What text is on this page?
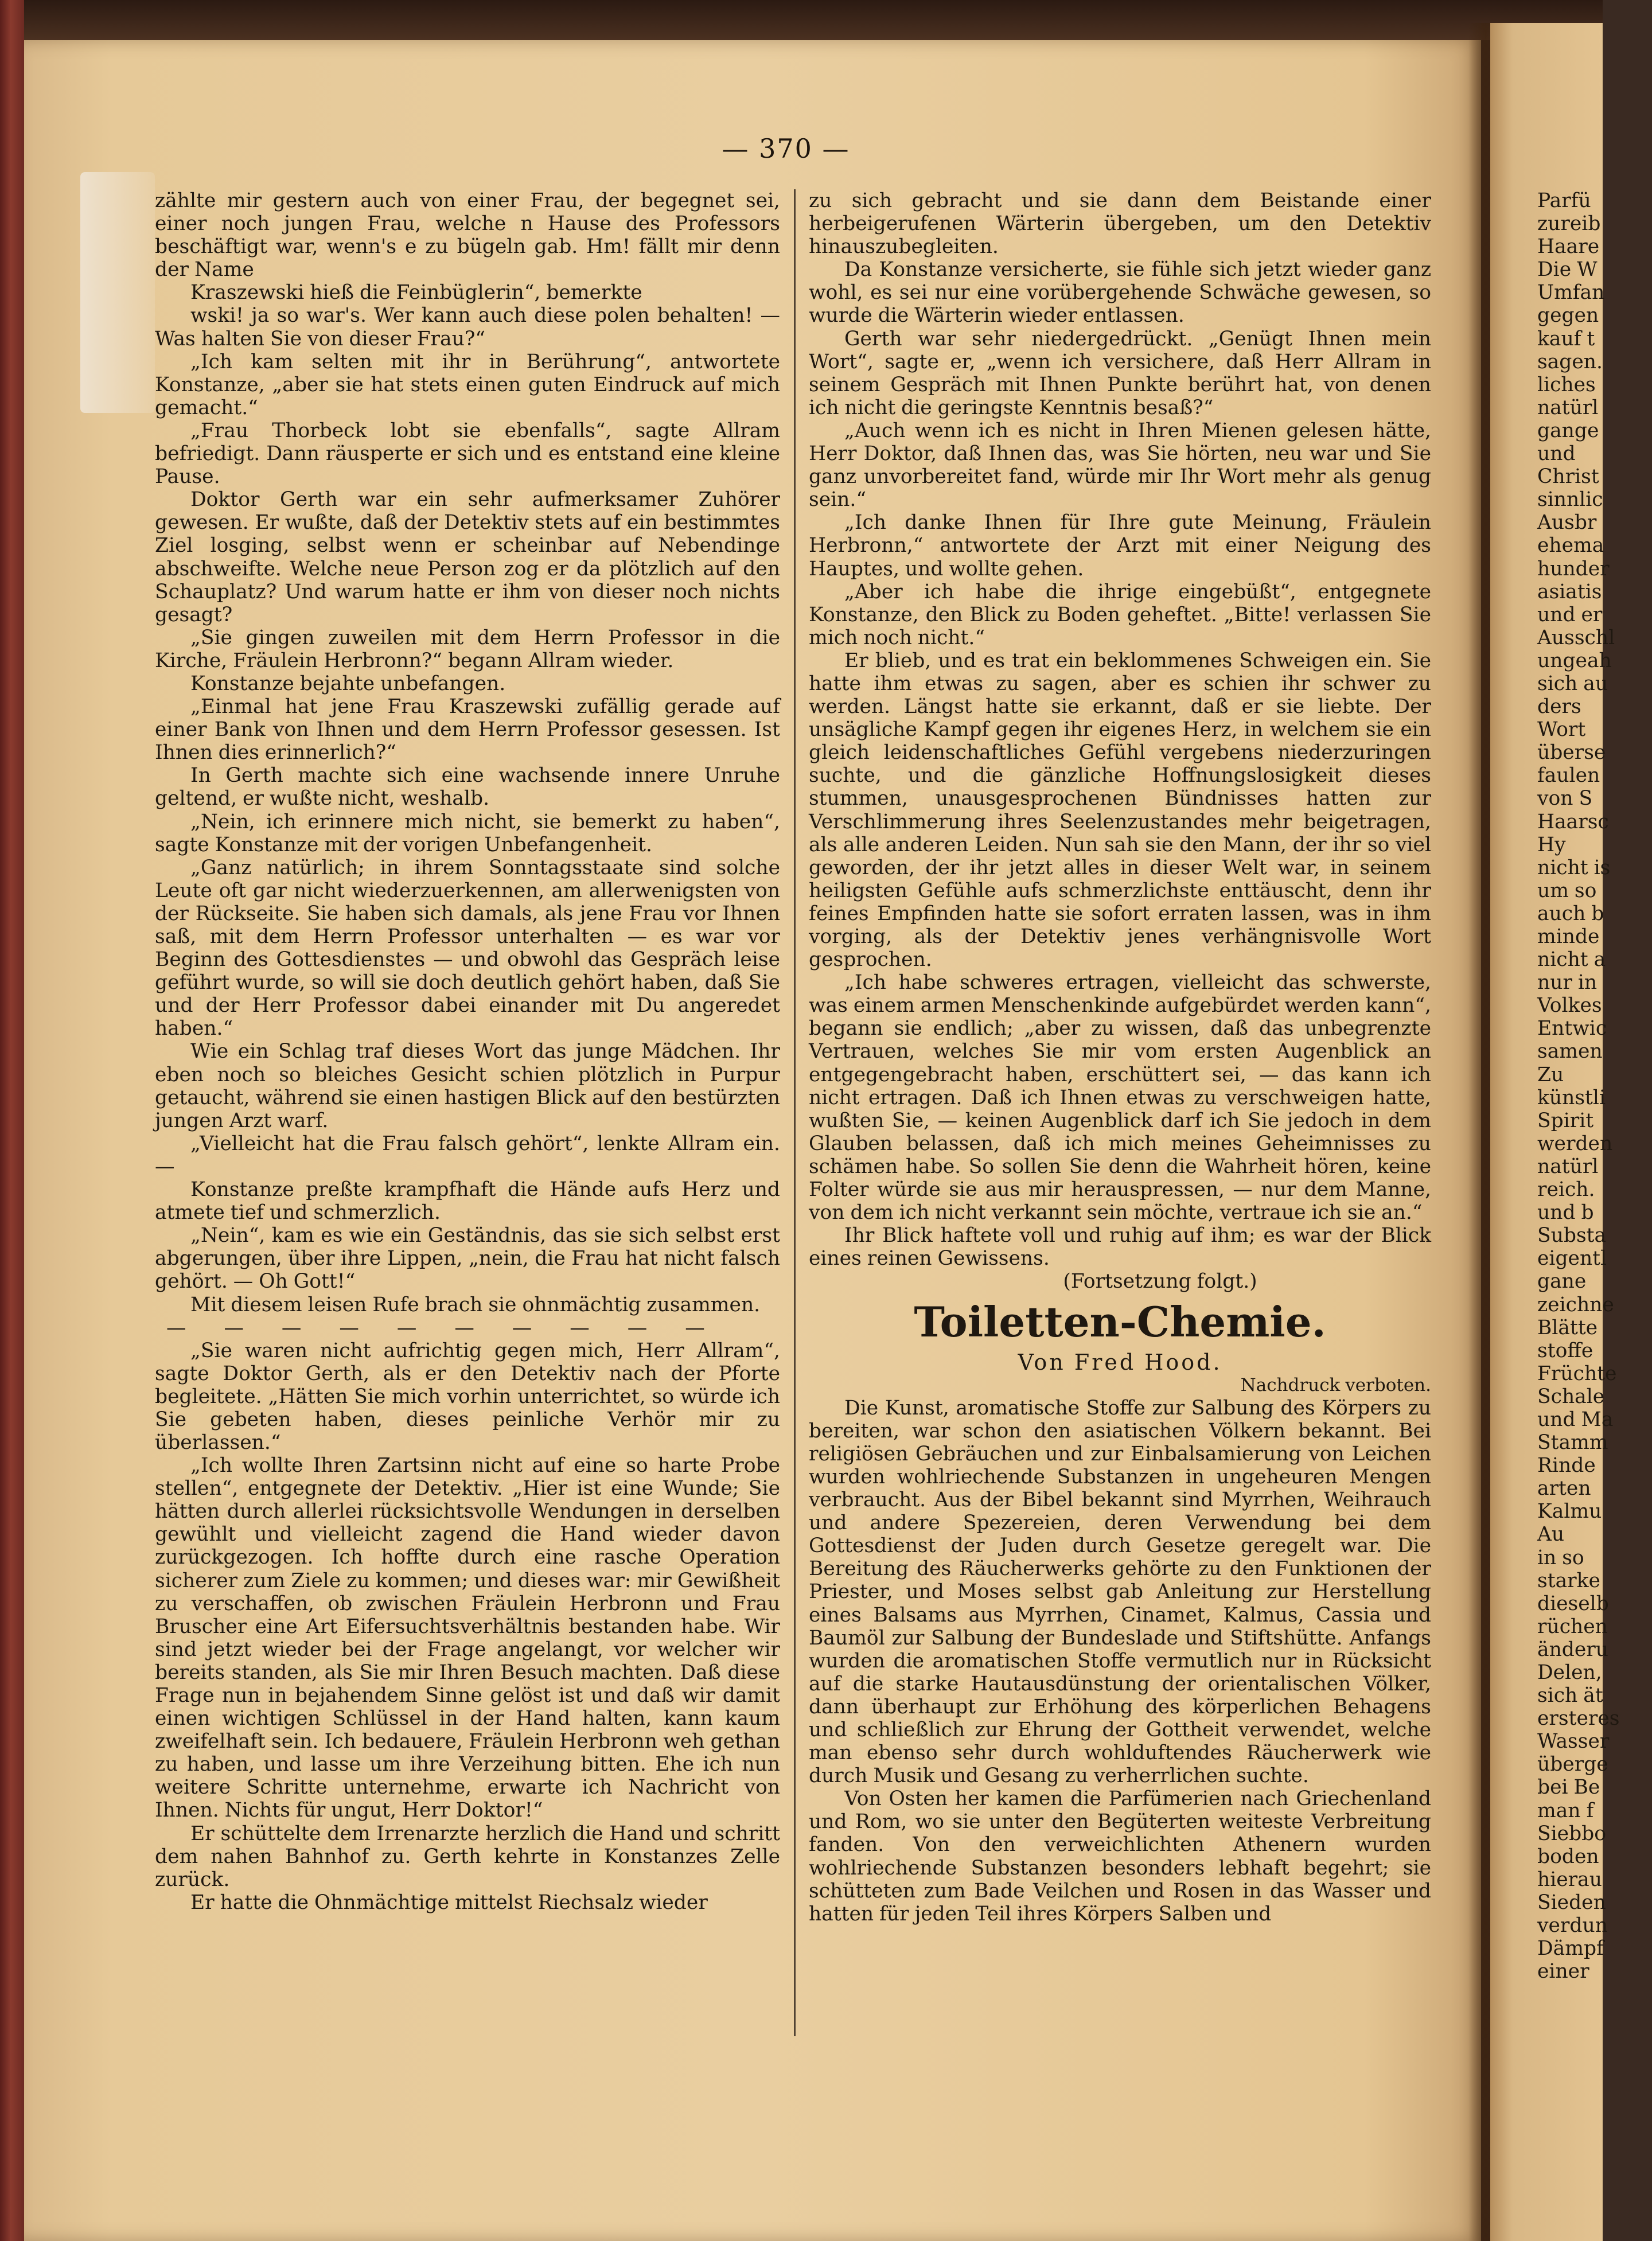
— 370 —

zählte mir gestern auch von einer Frau, der begegnet sei, einer noch jungen Frau, welche n Hause des Professors beschäftigt war, wenn's e zu bügeln gab. Hm! fällt mir denn der Name

Kraszewski hieß die Feinbüglerin“, bemerkte

wski! ja so war's. Wer kann auch diese polen behalten! — Was halten Sie von dieser Frau?“

„Ich kam selten mit ihr in Berührung“, antwortete Konstanze, „aber sie hat stets einen guten Eindruck auf mich gemacht.“

„Frau Thorbeck lobt sie ebenfalls“, sagte Allram befriedigt. Dann räusperte er sich und es entstand eine kleine Pause.

Doktor Gerth war ein sehr aufmerksamer Zuhörer gewesen. Er wußte, daß der Detektiv stets auf ein bestimmtes Ziel losging, selbst wenn er scheinbar auf Nebendinge abschweifte. Welche neue Person zog er da plötzlich auf den Schauplatz? Und warum hatte er ihm von dieser noch nichts gesagt?

„Sie gingen zuweilen mit dem Herrn Professor in die Kirche, Fräulein Herbronn?“ begann Allram wieder.

Konstanze bejahte unbefangen.

„Einmal hat jene Frau Kraszewski zufällig gerade auf einer Bank von Ihnen und dem Herrn Professor gesessen. Ist Ihnen dies erinnerlich?“

In Gerth machte sich eine wachsende innere Unruhe geltend, er wußte nicht, weshalb.

„Nein, ich erinnere mich nicht, sie bemerkt zu haben“, sagte Konstanze mit der vorigen Unbefangenheit.

„Ganz natürlich; in ihrem Sonntagsstaate sind solche Leute oft gar nicht wiederzuerkennen, am allerwenigsten von der Rückseite. Sie haben sich damals, als jene Frau vor Ihnen saß, mit dem Herrn Professor unterhalten — es war vor Beginn des Gottesdienstes — und obwohl das Gespräch leise geführt wurde, so will sie doch deutlich gehört haben, daß Sie und der Herr Professor dabei einander mit Du angeredet haben.“

Wie ein Schlag traf dieses Wort das junge Mädchen. Ihr eben noch so bleiches Gesicht schien plötzlich in Purpur getaucht, während sie einen hastigen Blick auf den bestürzten jungen Arzt warf.

„Vielleicht hat die Frau falsch gehört“, lenkte Allram ein. —

Konstanze preßte krampfhaft die Hände aufs Herz und atmete tief und schmerzlich.

„Nein“, kam es wie ein Geständnis, das sie sich selbst erst abgerungen, über ihre Lippen, „nein, die Frau hat nicht falsch gehört. — Oh Gott!“

Mit diesem leisen Rufe brach sie ohnmächtig zusammen.

— — — — — — — — — —

„Sie waren nicht aufrichtig gegen mich, Herr Allram“, sagte Doktor Gerth, als er den Detektiv nach der Pforte begleitete. „Hätten Sie mich vorhin unterrichtet, so würde ich Sie gebeten haben, dieses peinliche Verhör mir zu überlassen.“

„Ich wollte Ihren Zartsinn nicht auf eine so harte Probe stellen“, entgegnete der Detektiv. „Hier ist eine Wunde; Sie hätten durch allerlei rücksichtsvolle Wendungen in derselben gewühlt und vielleicht zagend die Hand wieder davon zurückgezogen. Ich hoffte durch eine rasche Operation sicherer zum Ziele zu kommen; und dieses war: mir Gewißheit zu verschaffen, ob zwischen Fräulein Herbronn und Frau Bruscher eine Art Eifersuchtsverhältnis bestanden habe. Wir sind jetzt wieder bei der Frage angelangt, vor welcher wir bereits standen, als Sie mir Ihren Besuch machten. Daß diese Frage nun in bejahendem Sinne gelöst ist und daß wir damit einen wichtigen Schlüssel in der Hand halten, kann kaum zweifelhaft sein. Ich bedauere, Fräulein Herbronn weh gethan zu haben, und lasse um ihre Verzeihung bitten. Ehe ich nun weitere Schritte unternehme, erwarte ich Nachricht von Ihnen. Nichts für ungut, Herr Doktor!“

Er schüttelte dem Irrenarzte herzlich die Hand und schritt dem nahen Bahnhof zu. Gerth kehrte in Konstanzes Zelle zurück.

Er hatte die Ohnmächtige mittelst Riechsalz wieder

zu sich gebracht und sie dann dem Beistande einer herbeigerufenen Wärterin übergeben, um den Detektiv hinauszubegleiten.

Da Konstanze versicherte, sie fühle sich jetzt wieder ganz wohl, es sei nur eine vorübergehende Schwäche gewesen, so wurde die Wärterin wieder entlassen.

Gerth war sehr niedergedrückt. „Genügt Ihnen mein Wort“, sagte er, „wenn ich versichere, daß Herr Allram in seinem Gespräch mit Ihnen Punkte berührt hat, von denen ich nicht die geringste Kenntnis besaß?“

„Auch wenn ich es nicht in Ihren Mienen gelesen hätte, Herr Doktor, daß Ihnen das, was Sie hörten, neu war und Sie ganz unvorbereitet fand, würde mir Ihr Wort mehr als genug sein.“

„Ich danke Ihnen für Ihre gute Meinung, Fräulein Herbronn,“ antwortete der Arzt mit einer Neigung des Hauptes, und wollte gehen.

„Aber ich habe die ihrige eingebüßt“, entgegnete Konstanze, den Blick zu Boden geheftet. „Bitte! verlassen Sie mich noch nicht.“

Er blieb, und es trat ein beklommenes Schweigen ein. Sie hatte ihm etwas zu sagen, aber es schien ihr schwer zu werden. Längst hatte sie erkannt, daß er sie liebte. Der unsägliche Kampf gegen ihr eigenes Herz, in welchem sie ein gleich leidenschaftliches Gefühl vergebens niederzuringen suchte, und die gänzliche Hoffnungslosigkeit dieses stummen, unausgesprochenen Bündnisses hatten zur Verschlimmerung ihres Seelenzustandes mehr beigetragen, als alle anderen Leiden. Nun sah sie den Mann, der ihr so viel geworden, der ihr jetzt alles in dieser Welt war, in seinem heiligsten Gefühle aufs schmerzlichste enttäuscht, denn ihr feines Empfinden hatte sie sofort erraten lassen, was in ihm vorging, als der Detektiv jenes verhängnisvolle Wort gesprochen.

„Ich habe schweres ertragen, vielleicht das schwerste, was einem armen Menschenkinde aufgebürdet werden kann“, begann sie endlich; „aber zu wissen, daß das unbegrenzte Vertrauen, welches Sie mir vom ersten Augenblick an entgegengebracht haben, erschüttert sei, — das kann ich nicht ertragen. Daß ich Ihnen etwas zu verschweigen hatte, wußten Sie, — keinen Augenblick darf ich Sie jedoch in dem Glauben belassen, daß ich mich meines Geheimnisses zu schämen habe. So sollen Sie denn die Wahrheit hören, keine Folter würde sie aus mir herauspressen, — nur dem Manne, von dem ich nicht verkannt sein möchte, vertraue ich sie an.“

Ihr Blick haftete voll und ruhig auf ihm; es war der Blick eines reinen Gewissens.

(Fortsetzung folgt.)

Toiletten-Chemie.

Von Fred Hood.

Nachdruck verboten.

Die Kunst, aromatische Stoffe zur Salbung des Körpers zu bereiten, war schon den asiatischen Völkern bekannt. Bei religiösen Gebräuchen und zur Einbalsamierung von Leichen wurden wohlriechende Substanzen in ungeheuren Mengen verbraucht. Aus der Bibel bekannt sind Myrrhen, Weihrauch und andere Spezereien, deren Verwendung bei dem Gottesdienst der Juden durch Gesetze geregelt war. Die Bereitung des Räucherwerks gehörte zu den Funktionen der Priester, und Moses selbst gab Anleitung zur Herstellung eines Balsams aus Myrrhen, Cinamet, Kalmus, Cassia und Baumöl zur Salbung der Bundeslade und Stiftshütte. Anfangs wurden die aromatischen Stoffe vermutlich nur in Rücksicht auf die starke Hautausdünstung der orientalischen Völker, dann überhaupt zur Erhöhung des körperlichen Behagens und schließlich zur Ehrung der Gottheit verwendet, welche man ebenso sehr durch wohlduftendes Räucherwerk wie durch Musik und Gesang zu verherrlichen suchte.

Von Osten her kamen die Parfümerien nach Griechenland und Rom, wo sie unter den Begüterten weiteste Verbreitung fanden. Von den verweichlichten Athenern wurden wohlriechende Substanzen besonders lebhaft begehrt; sie schütteten zum Bade Veilchen und Rosen in das Wasser und hatten für jeden Teil ihres Körpers Salben und

Parfü
zureib
Haare
Die W
Umfan
gegen
kauf t
sagen.
liches
natürl
gange
und
Christ
sinnlic
Ausbr
ehema
hunder
asiatis
und er
Ausschl
ungeah
sich au
ders
Wort
überse
faulen
von S
Haarsc
Hy
nicht is
um so
auch b
minde
nicht a
nur in
Volkes
Entwic
samen
Zu
künstli
Spirit
werden
natürl
reich.
und b
Substa
eigentl
gane
zeichne
Blätte
stoffe
Früchte
Schale
und Ma
Stamm
Rinde
arten
Kalmu
Au
in so
starke
dieselb
rüchen
änderu
Delen,
sich ät
ersteres
Wasser
überge
bei Be
man f
Siebbo
boden
hierau
Sieden
verdun
Dämpf
einer
